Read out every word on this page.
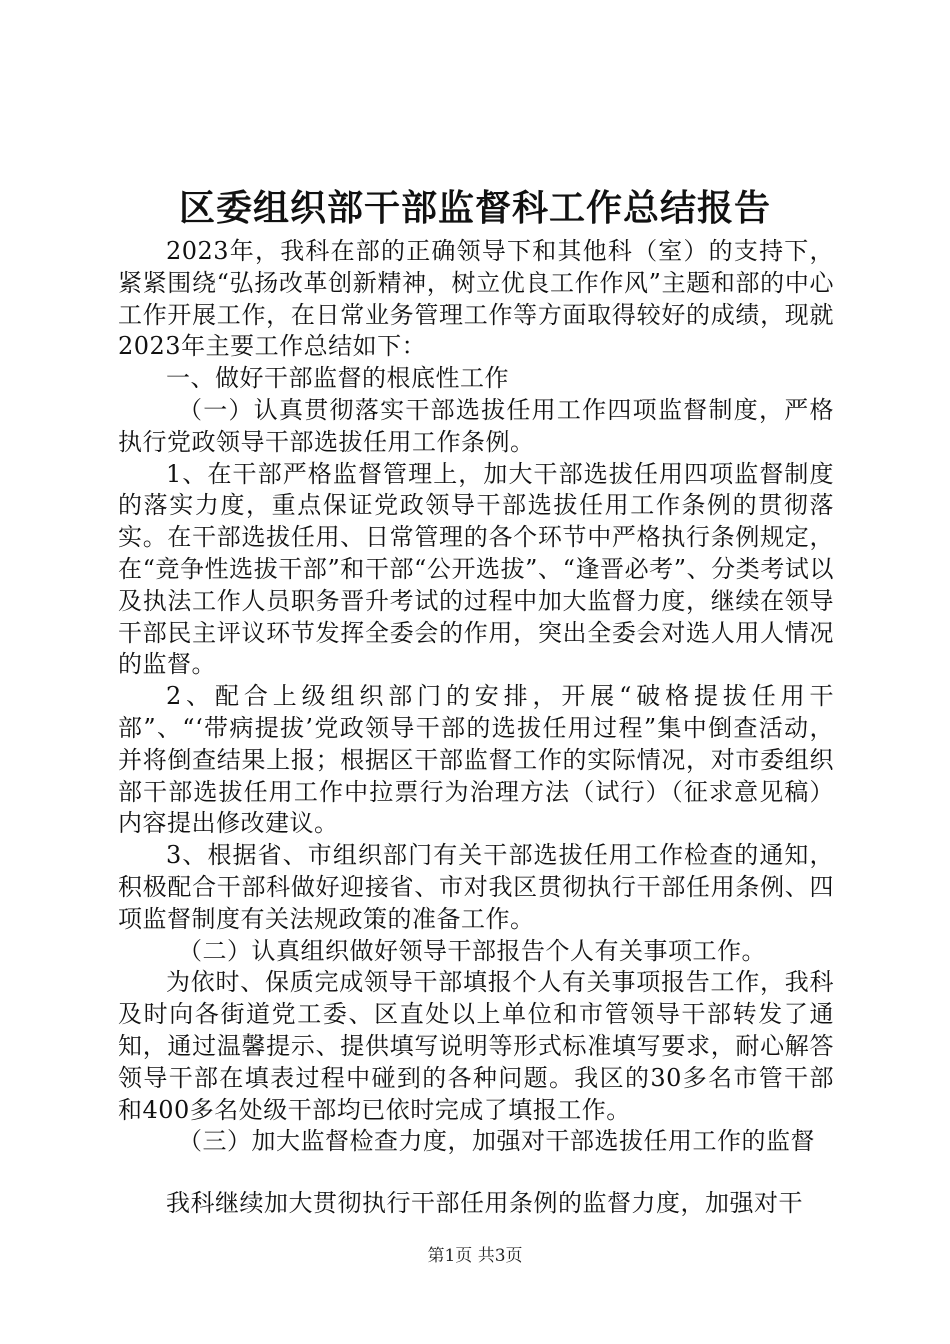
区委组织部干部监督科工作总结报告

2023年，我科在部的正确领导下和其他科（室）的支持下，紧紧围绕“弘扬改革创新精神，树立优良工作作风”主题和部的中心工作开展工作，在日常业务管理工作等方面取得较好的成绩，现就2023年主要工作总结如下：

一、做好干部监督的根底性工作

（一）认真贯彻落实干部选拔任用工作四项监督制度，严格执行党政领导干部选拔任用工作条例。

1、在干部严格监督管理上，加大干部选拔任用四项监督制度的落实力度，重点保证党政领导干部选拔任用工作条例的贯彻落实。在干部选拔任用、日常管理的各个环节中严格执行条例规定，在“竞争性选拔干部”和干部“公开选拔”、“逢晋必考”、分类考试以及执法工作人员职务晋升考试的过程中加大监督力度，继续在领导干部民主评议环节发挥全委会的作用，突出全委会对选人用人情况的监督。

2、配合上级组织部门的安排，开展“破格提拔任用干部”、“‘带病提拔’党政领导干部的选拔任用过程”集中倒查活动，并将倒查结果上报；根据区干部监督工作的实际情况，对市委组织部干部选拔任用工作中拉票行为治理方法（试行）（征求意见稿）内容提出修改建议。

3、根据省、市组织部门有关干部选拔任用工作检查的通知，积极配合干部科做好迎接省、市对我区贯彻执行干部任用条例、四项监督制度有关法规政策的准备工作。

（二）认真组织做好领导干部报告个人有关事项工作。

为依时、保质完成领导干部填报个人有关事项报告工作，我科及时向各街道党工委、区直处以上单位和市管领导干部转发了通知，通过温馨提示、提供填写说明等形式标准填写要求，耐心解答领导干部在填表过程中碰到的各种问题。我区的30多名市管干部和400多名处级干部均已依时完成了填报工作。

（三）加大监督检查力度，加强对干部选拔任用工作的监督

我科继续加大贯彻执行干部任用条例的监督力度，加强对干

第1页 共3页
